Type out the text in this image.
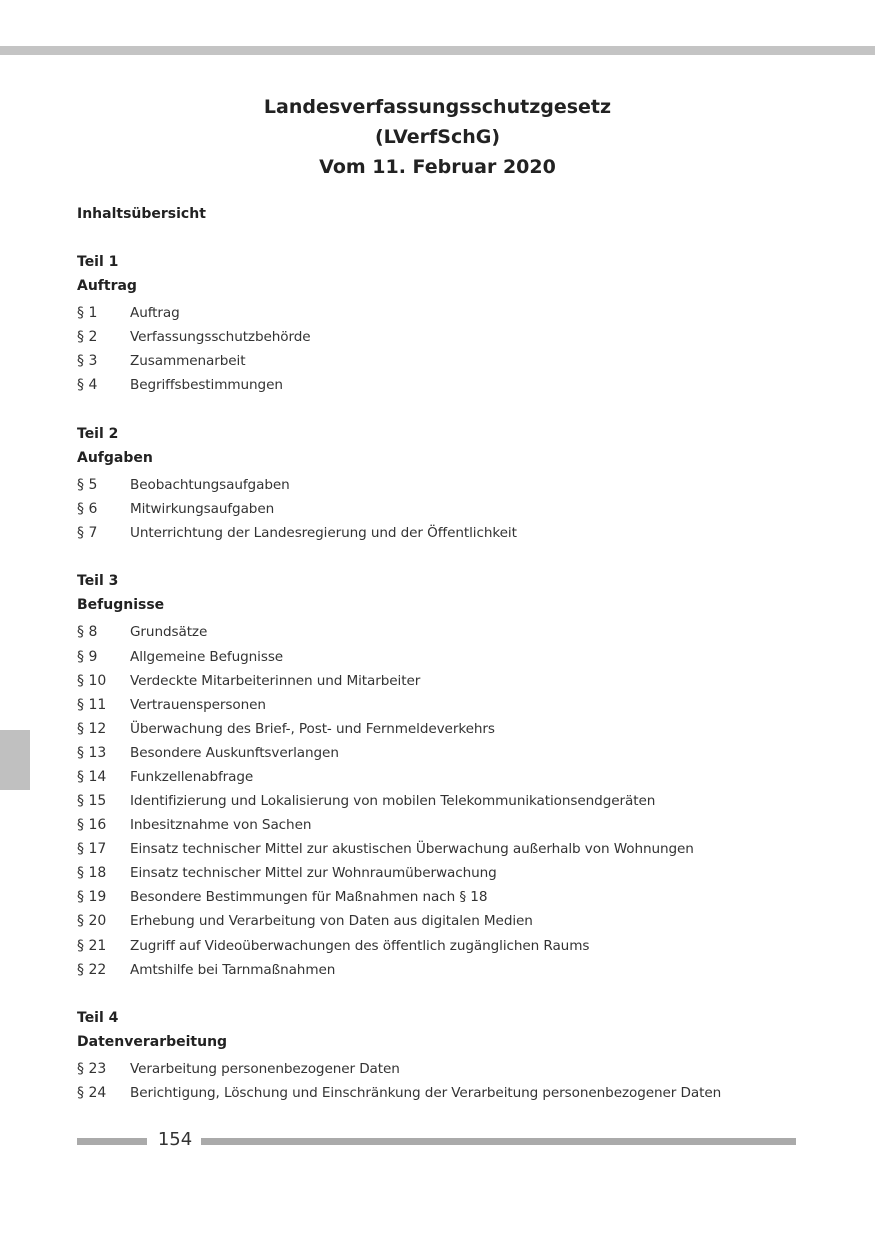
Landesverfassungsschutzgesetz
(LVerfSchG)
Vom 11. Februar 2020
Inhaltsübersicht
Teil 1
Auftrag
§ 1 Auftrag
§ 2 Verfassungsschutzbehörde
§ 3 Zusammenarbeit
§ 4 Begriffsbestimmungen
Teil 2
Aufgaben
§ 5 Beobachtungsaufgaben
§ 6 Mitwirkungsaufgaben
§ 7 Unterrichtung der Landesregierung und der Öffentlichkeit
Teil 3
Befugnisse
§ 8 Grundsätze
§ 9 Allgemeine Befugnisse
§ 10 Verdeckte Mitarbeiterinnen und Mitarbeiter
§ 11 Vertrauenspersonen
§ 12 Überwachung des Brief-, Post- und Fernmeldeverkehrs
§ 13 Besondere Auskunftsverlangen
§ 14 Funkzellenabfrage
§ 15 Identifizierung und Lokalisierung von mobilen Telekommunikationsendgeräten
§ 16 Inbesitznahme von Sachen
§ 17 Einsatz technischer Mittel zur akustischen Überwachung außerhalb von Wohnungen
§ 18 Einsatz technischer Mittel zur Wohnraumüberwachung
§ 19 Besondere Bestimmungen für Maßnahmen nach § 18
§ 20 Erhebung und Verarbeitung von Daten aus digitalen Medien
§ 21 Zugriff auf Videoüberwachungen des öffentlich zugänglichen Raums
§ 22 Amtshilfe bei Tarnmaßnahmen
Teil 4
Datenverarbeitung
§ 23 Verarbeitung personenbezogener Daten
§ 24 Berichtigung, Löschung und Einschränkung der Verarbeitung personenbezogener Daten
154
